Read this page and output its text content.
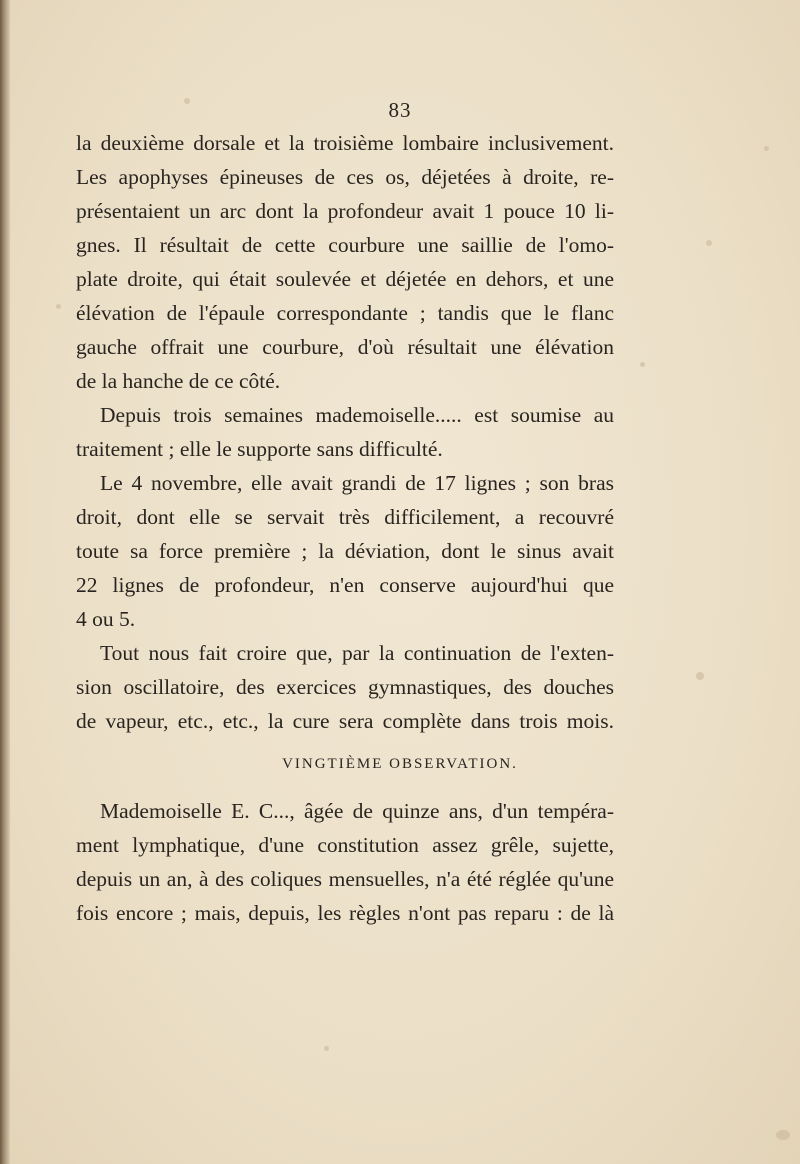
83

la deuxième dorsale et la troisième lombaire inclusivement.
Les apophyses épineuses de ces os, déjetées à droite, re-
présentaient un arc dont la profondeur avait 1 pouce 10 li-
gnes. Il résultait de cette courbure une saillie de l'omo-
plate droite, qui était soulevée et déjetée en dehors, et une
élévation de l'épaule correspondante ; tandis que le flanc
gauche offrait une courbure, d'où résultait une élévation
de la hanche de ce côté.

Depuis trois semaines mademoiselle..... est soumise au
traitement ; elle le supporte sans difficulté.

Le 4 novembre, elle avait grandi de 17 lignes ; son bras
droit, dont elle se servait très difficilement, a recouvré
toute sa force première ; la déviation, dont le sinus avait
22 lignes de profondeur, n'en conserve aujourd'hui que
4 ou 5.

Tout nous fait croire que, par la continuation de l'exten-
sion oscillatoire, des exercices gymnastiques, des douches
de vapeur, etc., etc., la cure sera complète dans trois mois.

VINGTIÈME OBSERVATION.

Mademoiselle E. C..., âgée de quinze ans, d'un tempéra-
ment lymphatique, d'une constitution assez grêle, sujette,
depuis un an, à des coliques mensuelles, n'a été réglée qu'une
fois encore ; mais, depuis, les règles n'ont pas reparu : de là
